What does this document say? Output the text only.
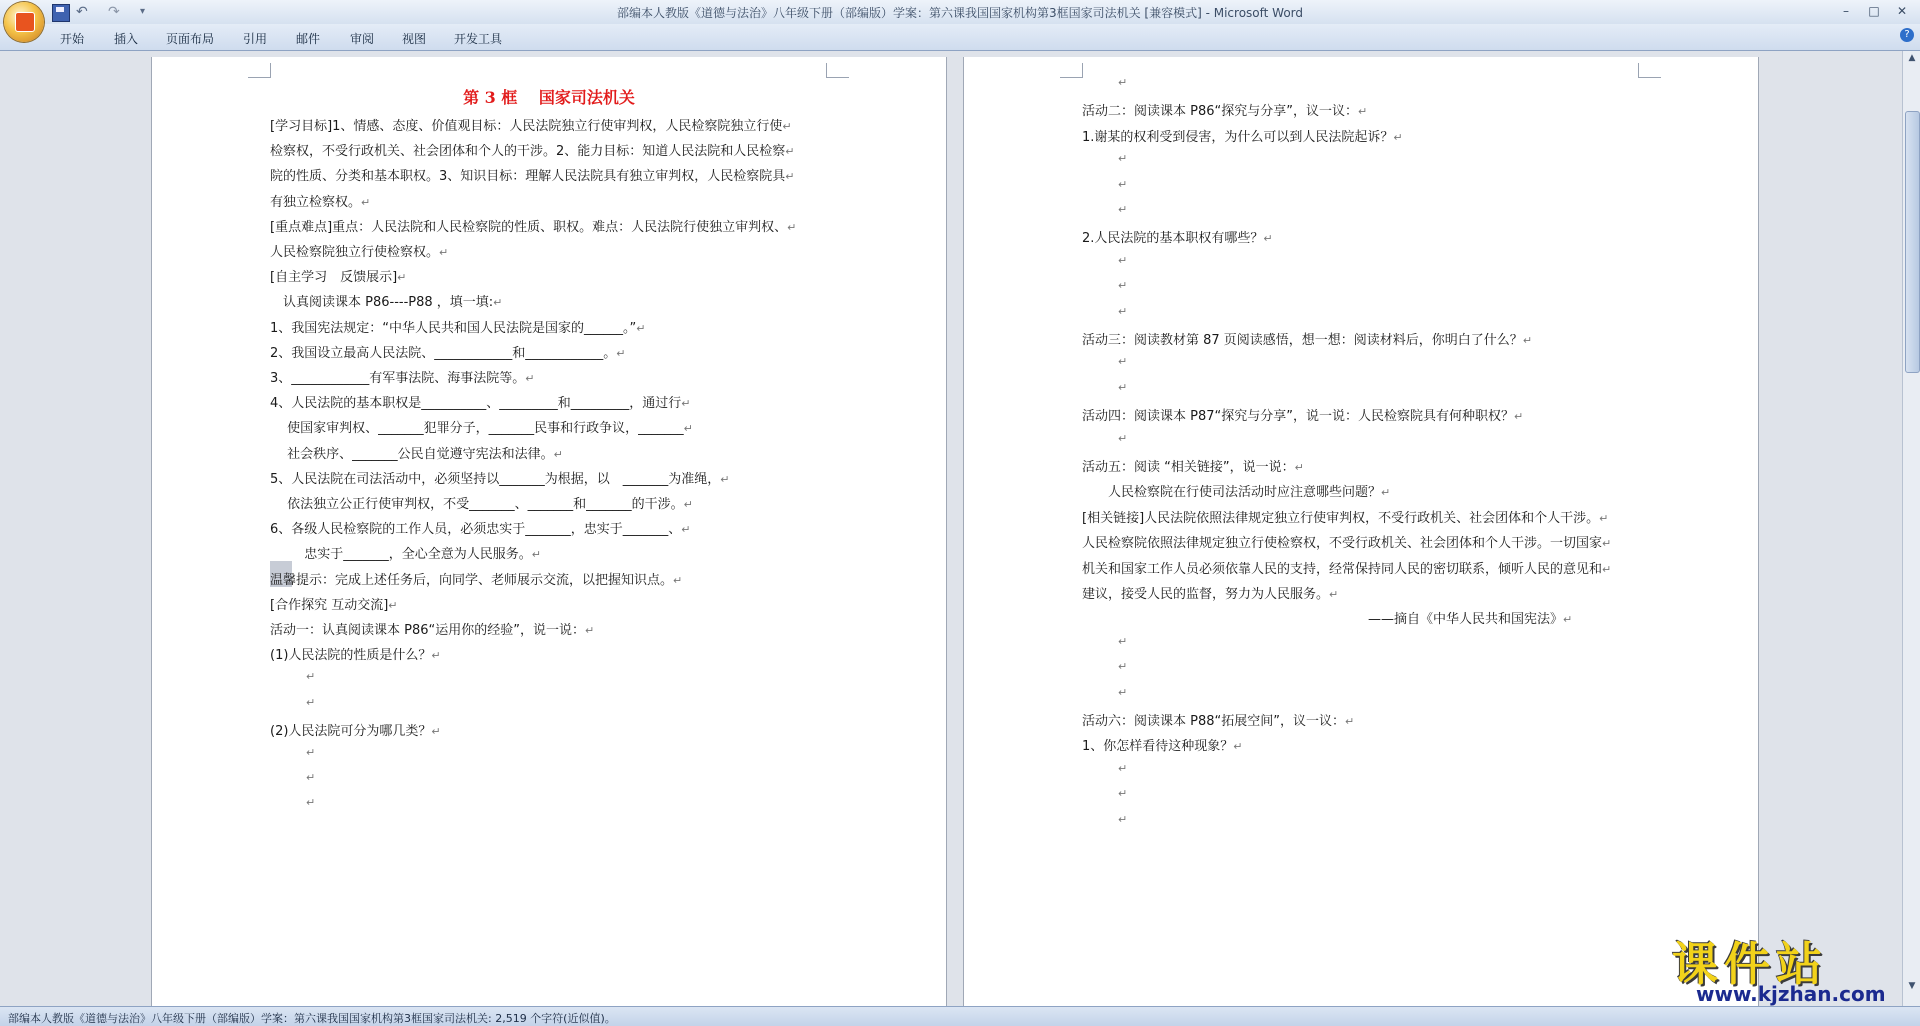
部编本人教版《道德与法治》八年级下册（部编版）学案：第六课我国国家机构第3框国家司法机关 [兼容模式] - Microsoft Word
↶	↷	▾	–	□	✕
开始 插入 页面布局 引用 邮件 审阅 视图 开发工具	?
第 3 框　 国家司法机关
[学习目标]1、情感、态度、价值观目标：人民法院独立行使审判权，人民检察院独立行使↵
检察权，不受行政机关、社会团体和个人的干涉。2、能力目标：知道人民法院和人民检察↵
院的性质、分类和基本职权。3、知识目标：理解人民法院具有独立审判权，人民检察院具↵
有独立检察权。↵
[重点难点]重点：人民法院和人民检察院的性质、职权。难点：人民法院行使独立审判权、↵
人民检察院独立行使检察权。↵
[自主学习　反馈展示]↵
　认真阅读课本 P86----P88 ，填一填:↵
1、我国宪法规定：“中华人民共和国人民法院是国家的______。”↵
2、我国设立最高人民法院、____________和____________。↵
3、____________有军事法院、海事法院等。↵
4、人民法院的基本职权是__________、_________和_________，通过行↵
　 使国家审判权、_______犯罪分子，_______民事和行政争议，_______↵
　 社会秩序、_______公民自觉遵守宪法和法律。↵
5、人民法院在司法活动中，必须坚持以_______为根据，以　_______为准绳，↵
　 依法独立公正行使审判权，不受_______、_______和_______的干涉。↵
6、各级人民检察院的工作人员，必须忠实于_______，忠实于_______、↵
　 　 忠实于_______，全心全意为人民服务。↵
温馨提示：完成上述任务后，向同学、老师展示交流，以把握知识点。↵
[合作探究 互动交流]↵
活动一：认真阅读课本 P86“运用你的经验”，说一说：↵
(1)人民法院的性质是什么？↵
↵
↵
(2)人民法院可分为哪几类？↵
↵
↵
↵
↵
活动二：阅读课本 P86“探究与分享”，议一议：↵
1.谢某的权利受到侵害，为什么可以到人民法院起诉？↵
↵
↵
↵
2.人民法院的基本职权有哪些？↵
↵
↵
↵
活动三：阅读教材第 87 页阅读感悟，想一想：阅读材料后，你明白了什么？↵
↵
↵
活动四：阅读课本 P87“探究与分享”，说一说：人民检察院具有何种职权？↵
↵
活动五：阅读 “相关链接”，说一说：↵
　　人民检察院在行使司法活动时应注意哪些问题？↵
[相关链接]人民法院依照法律规定独立行使审判权，不受行政机关、社会团体和个人干涉。↵
人民检察院依照法律规定独立行使检察权，不受行政机关、社会团体和个人干涉。一切国家↵
机关和国家工作人员必须依靠人民的支持，经常保持同人民的密切联系，倾听人民的意见和↵
建议，接受人民的监督，努力为人民服务。↵
　　　　　　　　　　　　　　　　　　　　　　——摘自《中华人民共和国宪法》↵
↵
↵
↵
活动六：阅读课本 P88“拓展空间”，议一议：↵
1、你怎样看待这种现象？↵
↵
↵
↵
▲
▼
课件站
www.kjzhan.com
部编本人教版《道德与法治》八年级下册（部编版）学案：第六课我国国家机构第3框国家司法机关: 2,519 个字符(近似值)。
